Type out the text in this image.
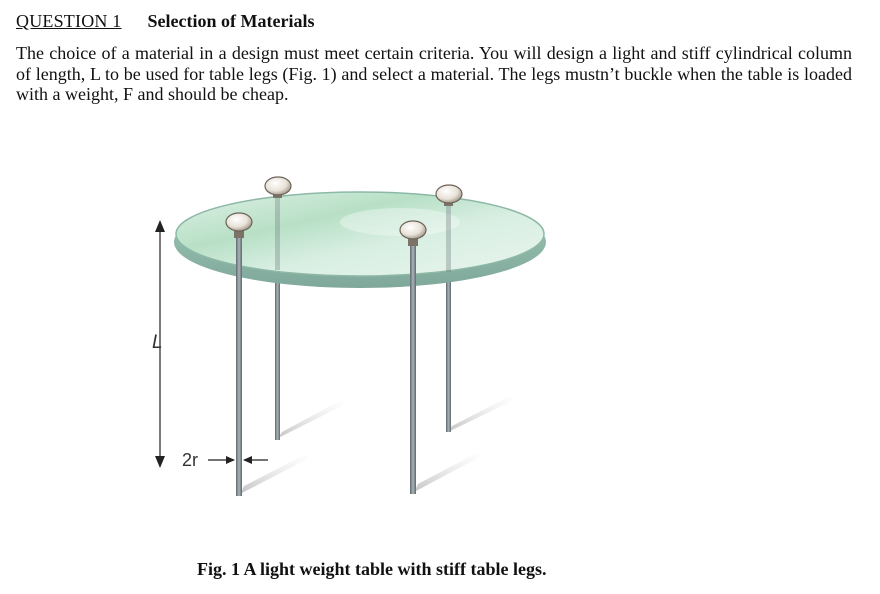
QUESTION 1 Selection of Materials

The choice of a material in a design must meet certain criteria. You will design a light and stiff cylindrical column of length, L to be used for table legs (Fig. 1) and select a material. The legs mustn’t buckle when the table is loaded with a weight, F and should be cheap.

L
2r
Fig. 1 A light weight table with stiff table legs.
